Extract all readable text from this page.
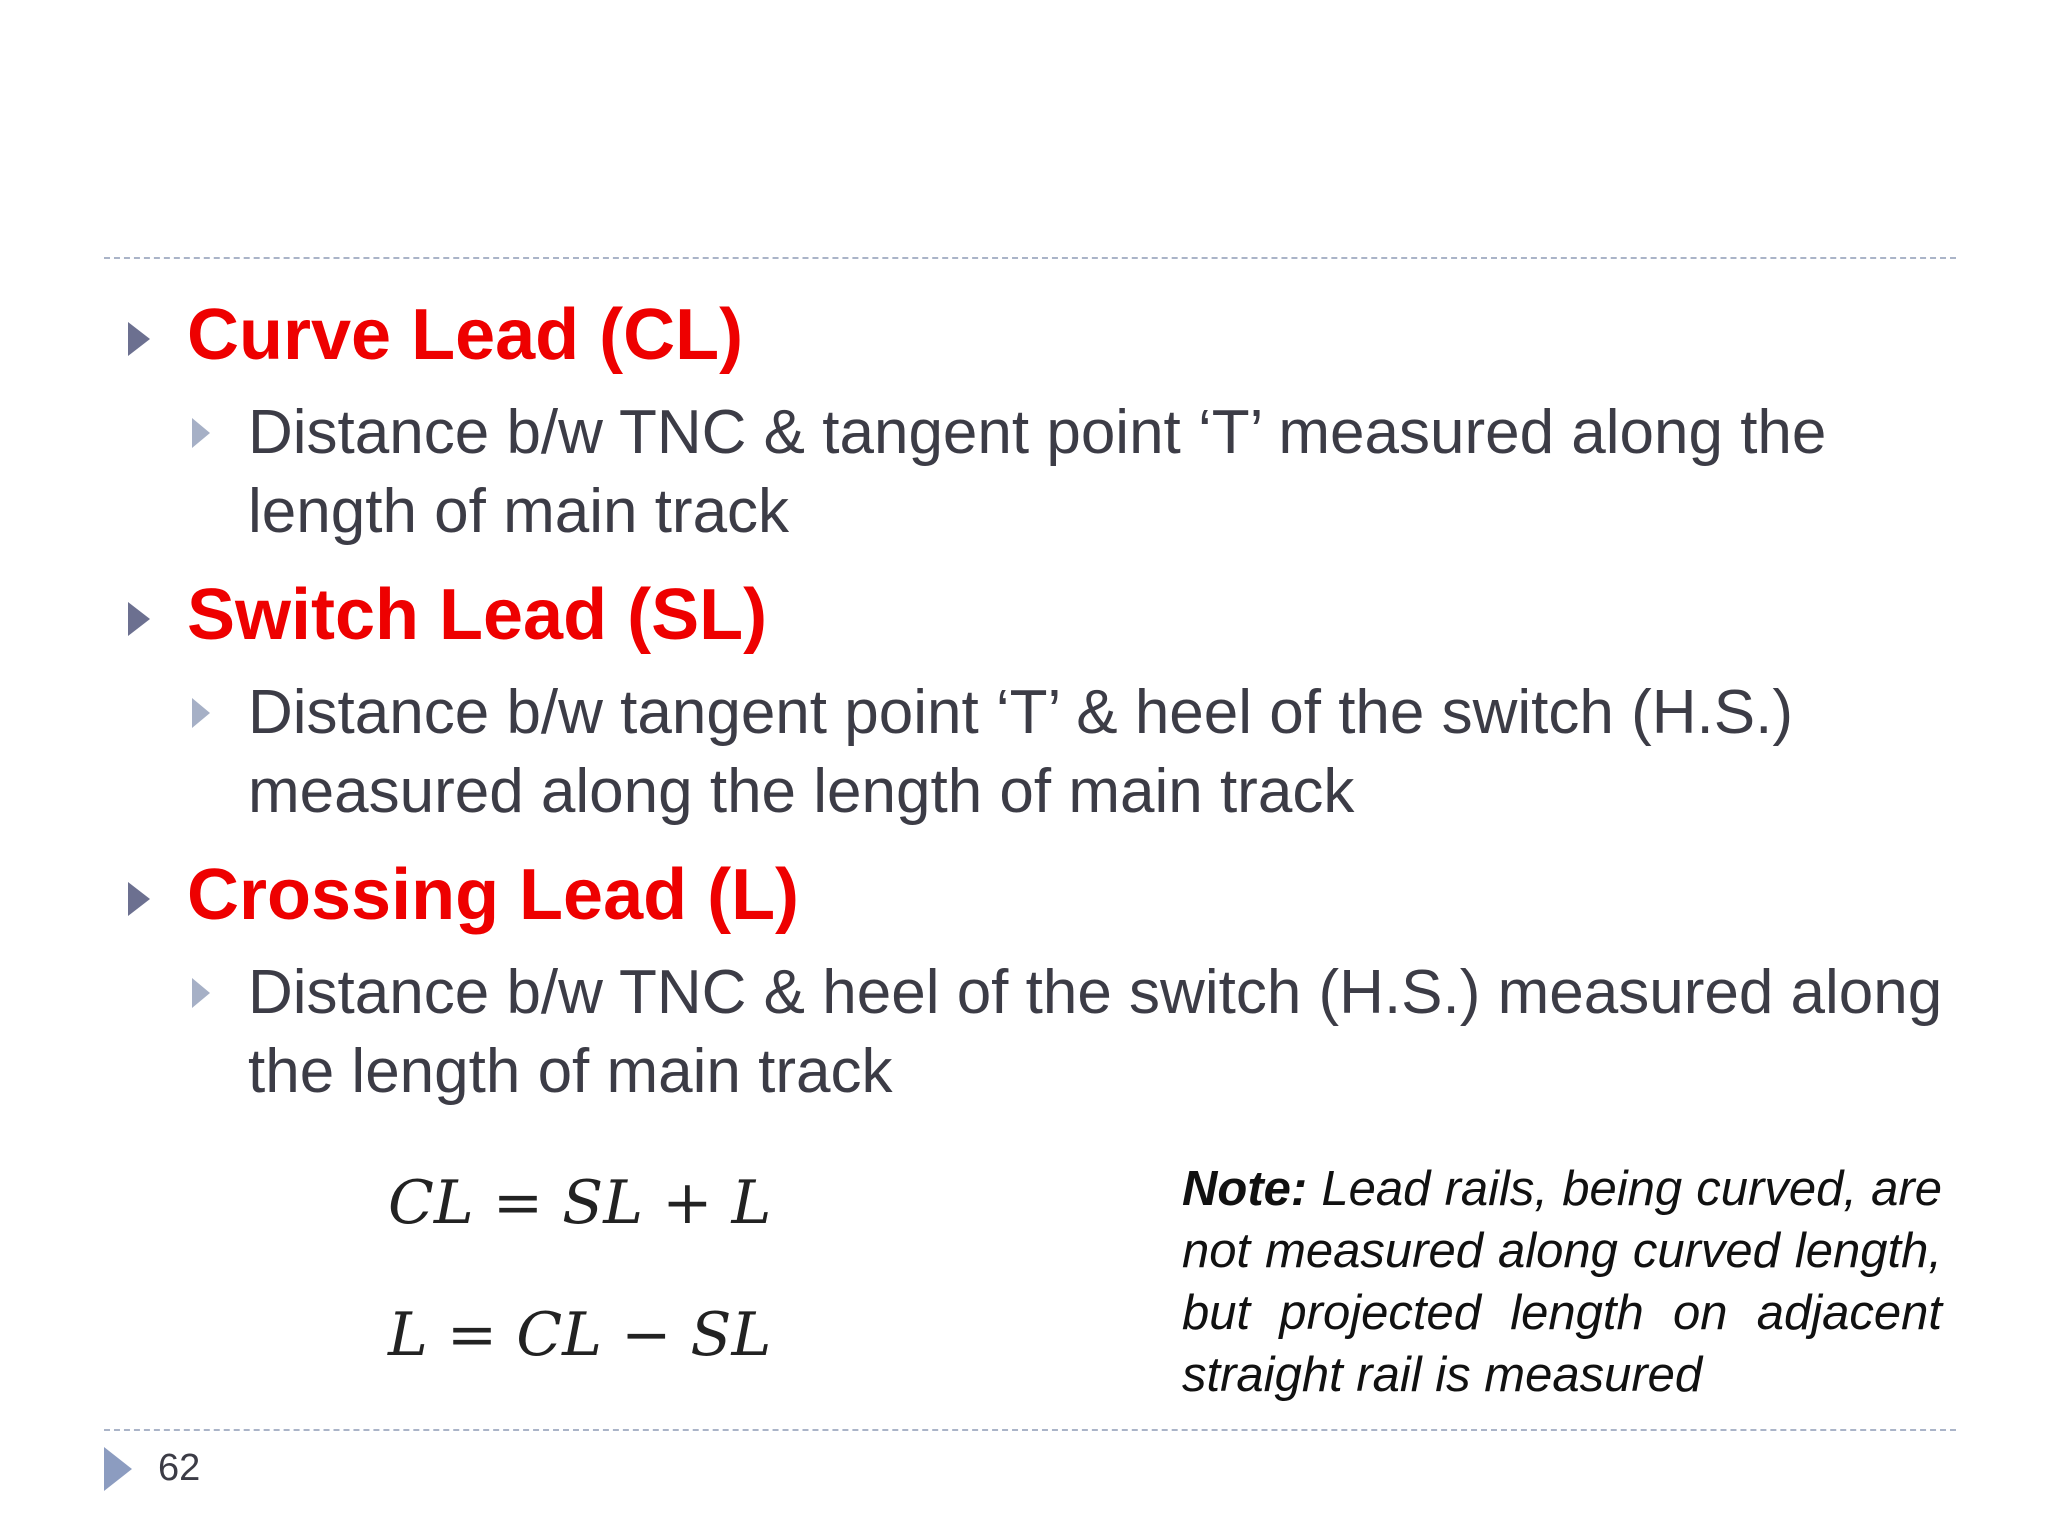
Curve Lead (CL)
Distance b/w TNC & tangent point ‘T’ measured along the length of main track
Switch Lead (SL)
Distance b/w tangent point ‘T’ & heel of the switch (H.S.) measured along the length of main track
Crossing Lead (L)
Distance b/w TNC & heel of the switch (H.S.) measured along the length of main track
CL = SL + L
L = CL − SL
Note: Lead rails, being curved, are not measured along curved length, but projected length on adjacent straight rail is measured
62
